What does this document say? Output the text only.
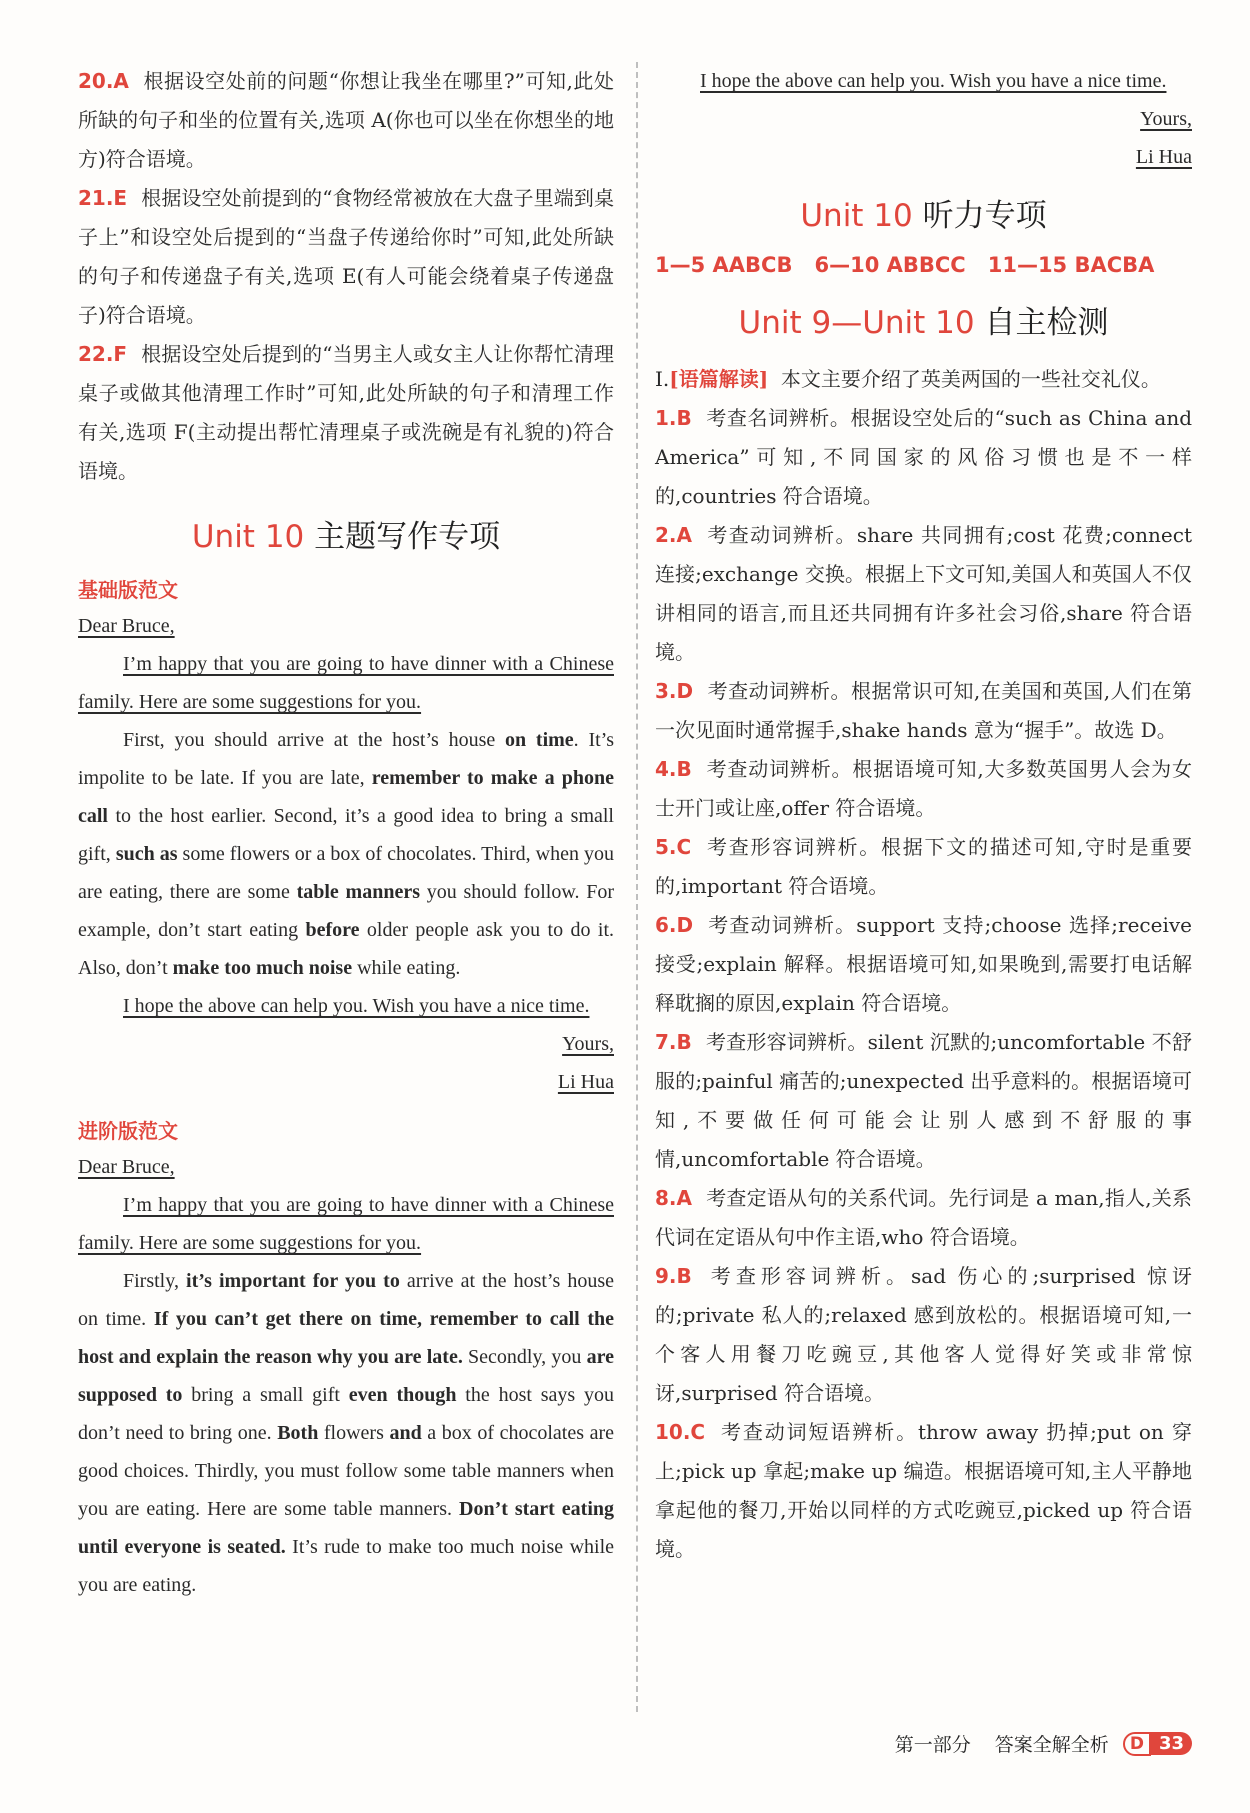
20.A 根据设空处前的问题“你想让我坐在哪里?”可知,此处所缺的句子和坐的位置有关,选项 A(你也可以坐在你想坐的地方)符合语境。

21.E 根据设空处前提到的“食物经常被放在大盘子里端到桌子上”和设空处后提到的“当盘子传递给你时”可知,此处所缺的句子和传递盘子有关,选项 E(有人可能会绕着桌子传递盘子)符合语境。

22.F 根据设空处后提到的“当男主人或女主人让你帮忙清理桌子或做其他清理工作时”可知,此处所缺的句子和清理工作有关,选项 F(主动提出帮忙清理桌子或洗碗是有礼貌的)符合语境。

Unit 10 主题写作专项
基础版范文

Dear Bruce,

I’m happy that you are going to have dinner with a Chinese family. Here are some suggestions for you.

First, you should arrive at the host’s house on time. It’s impolite to be late. If you are late, remember to make a phone call to the host earlier. Second, it’s a good idea to bring a small gift, such as some flowers or a box of chocolates. Third, when you are eating, there are some table manners you should follow. For example, don’t start eating before older people ask you to do it. Also, don’t make too much noise while eating.

I hope the above can help you. Wish you have a nice time.

Yours,

Li Hua

进阶版范文

Dear Bruce,

I’m happy that you are going to have dinner with a Chinese family. Here are some suggestions for you.

Firstly, it’s important for you to arrive at the host’s house on time. If you can’t get there on time, remember to call the host and explain the reason why you are late. Secondly, you are supposed to bring a small gift even though the host says you don’t need to bring one. Both flowers and a box of chocolates are good choices. Thirdly, you must follow some table manners when you are eating. Here are some table manners. Don’t start eating until everyone is seated. It’s rude to make too much noise while you are eating.

I hope the above can help you. Wish you have a nice time.

Yours,

Li Hua

Unit 10 听力专项
1—5 AABCB 6—10 ABBCC 11—15 BACBA
Unit 9—Unit 10 自主检测

Ⅰ.[语篇解读] 本文主要介绍了英美两国的一些社交礼仪。

1.B 考查名词辨析。根据设空处后的“such as China and America”可知,不同国家的风俗习惯也是不一样的,countries 符合语境。

2.A 考查动词辨析。share 共同拥有;cost 花费;connect 连接;exchange 交换。根据上下文可知,美国人和英国人不仅讲相同的语言,而且还共同拥有许多社会习俗,share 符合语境。

3.D 考查动词辨析。根据常识可知,在美国和英国,人们在第一次见面时通常握手,shake hands 意为“握手”。故选 D。

4.B 考查动词辨析。根据语境可知,大多数英国男人会为女士开门或让座,offer 符合语境。

5.C 考查形容词辨析。根据下文的描述可知,守时是重要的,important 符合语境。

6.D 考查动词辨析。support 支持;choose 选择;receive 接受;explain 解释。根据语境可知,如果晚到,需要打电话解释耽搁的原因,explain 符合语境。

7.B 考查形容词辨析。silent 沉默的;uncomfortable 不舒服的;painful 痛苦的;unexpected 出乎意料的。根据语境可知,不要做任何可能会让别人感到不舒服的事情,uncomfortable 符合语境。

8.A 考查定语从句的关系代词。先行词是 a man,指人,关系代词在定语从句中作主语,who 符合语境。

9.B 考查形容词辨析。sad 伤心的;surprised 惊讶的;private 私人的;relaxed 感到放松的。根据语境可知,一个客人用餐刀吃豌豆,其他客人觉得好笑或非常惊讶,surprised 符合语境。

10.C 考查动词短语辨析。throw away 扔掉;put on 穿上;pick up 拿起;make up 编造。根据语境可知,主人平静地拿起他的餐刀,开始以同样的方式吃豌豆,picked up 符合语境。

第一部分 答案全解全析	D 33
